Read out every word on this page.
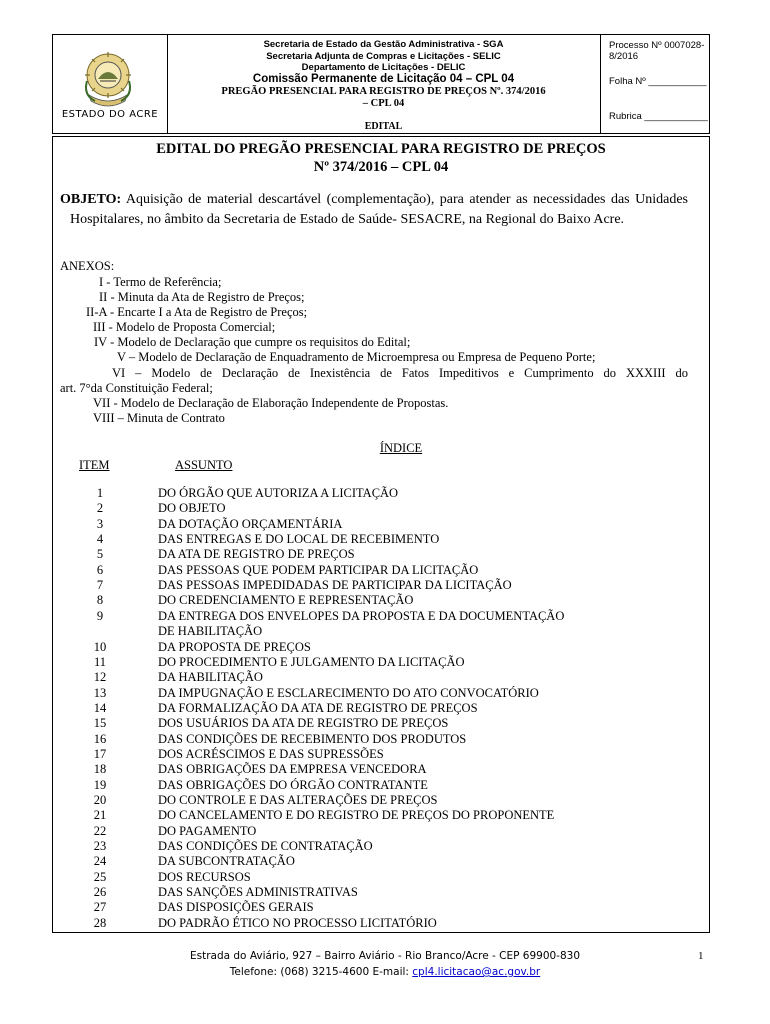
ESTADO DO ACRE
Secretaria de Estado da Gestão Administrativa - SGA
Secretaria Adjunta de Compras e Licitações - SELIC
Departamento de Licitações - DELIC
Comissão Permanente de Licitação 04 – CPL 04
PREGÃO PRESENCIAL PARA REGISTRO DE PREÇOS Nº. 374/2016
– CPL 04
EDITAL
Processo Nº 0007028-8/2016
Folha Nº ___________
Rubrica ____________
EDITAL DO PREGÃO PRESENCIAL PARA REGISTRO DE PREÇOS
Nº 374/2016 – CPL 04
OBJETO: Aquisição de material descartável (complementação), para atender as necessidades das Unidades Hospitalares, no âmbito da Secretaria de Estado de Saúde- SESACRE, na Regional do Baixo Acre.
ANEXOS:
I - Termo de Referência;
II - Minuta da Ata de Registro de Preços;
II-A - Encarte I a Ata de Registro de Preços;
III - Modelo de Proposta Comercial;
IV - Modelo de Declaração que cumpre os requisitos do Edital;
V – Modelo de Declaração de Enquadramento de Microempresa ou Empresa de Pequeno Porte;
VI – Modelo de Declaração de Inexistência de Fatos Impeditivos e Cumprimento do XXXIII do
art. 7°da Constituição Federal;
VII - Modelo de Declaração de Elaboração Independente de Propostas.
VIII – Minuta de Contrato
ÍNDICE
ITEM	ASSUNTO
1	DO ÓRGÃO QUE AUTORIZA A LICITAÇÃO
2	DO OBJETO
3	DA DOTAÇÃO ORÇAMENTÁRIA
4	DAS ENTREGAS E DO LOCAL DE RECEBIMENTO
5	DA ATA DE REGISTRO DE PREÇOS
6	DAS PESSOAS QUE PODEM PARTICIPAR DA LICITAÇÃO
7	DAS PESSOAS IMPEDIDADAS DE PARTICIPAR DA LICITAÇÃO
8	DO CREDENCIAMENTO E REPRESENTAÇÃO
9	DA ENTREGA DOS ENVELOPES DA PROPOSTA E DA DOCUMENTAÇÃO
DE HABILITAÇÃO
10	DA PROPOSTA DE PREÇOS
11	DO PROCEDIMENTO E JULGAMENTO DA LICITAÇÃO
12	DA HABILITAÇÃO
13	DA IMPUGNAÇÃO E ESCLARECIMENTO DO ATO CONVOCATÓRIO
14	DA FORMALIZAÇÃO DA ATA DE REGISTRO DE PREÇOS
15	DOS USUÁRIOS DA ATA DE REGISTRO DE PREÇOS
16	DAS CONDIÇÕES DE RECEBIMENTO DOS PRODUTOS
17	DOS ACRÉSCIMOS E DAS SUPRESSÕES
18	DAS OBRIGAÇÕES DA EMPRESA VENCEDORA
19	DAS OBRIGAÇÕES DO ÓRGÃO CONTRATANTE
20	DO CONTROLE E DAS ALTERAÇÕES DE PREÇOS
21	DO CANCELAMENTO E DO REGISTRO DE PREÇOS DO PROPONENTE
22	DO PAGAMENTO
23	DAS CONDIÇÕES DE CONTRATAÇÃO
24	DA SUBCONTRATAÇÃO
25	DOS RECURSOS
26	DAS SANÇÕES ADMINISTRATIVAS
27	DAS DISPOSIÇÕES GERAIS
28	DO PADRÃO ÉTICO NO PROCESSO LICITATÓRIO
Estrada do Aviário, 927 – Bairro Aviário - Rio Branco/Acre - CEP 69900-830
Telefone: (068) 3215-4600 E-mail: cpl4.licitacao@ac.gov.br
1
